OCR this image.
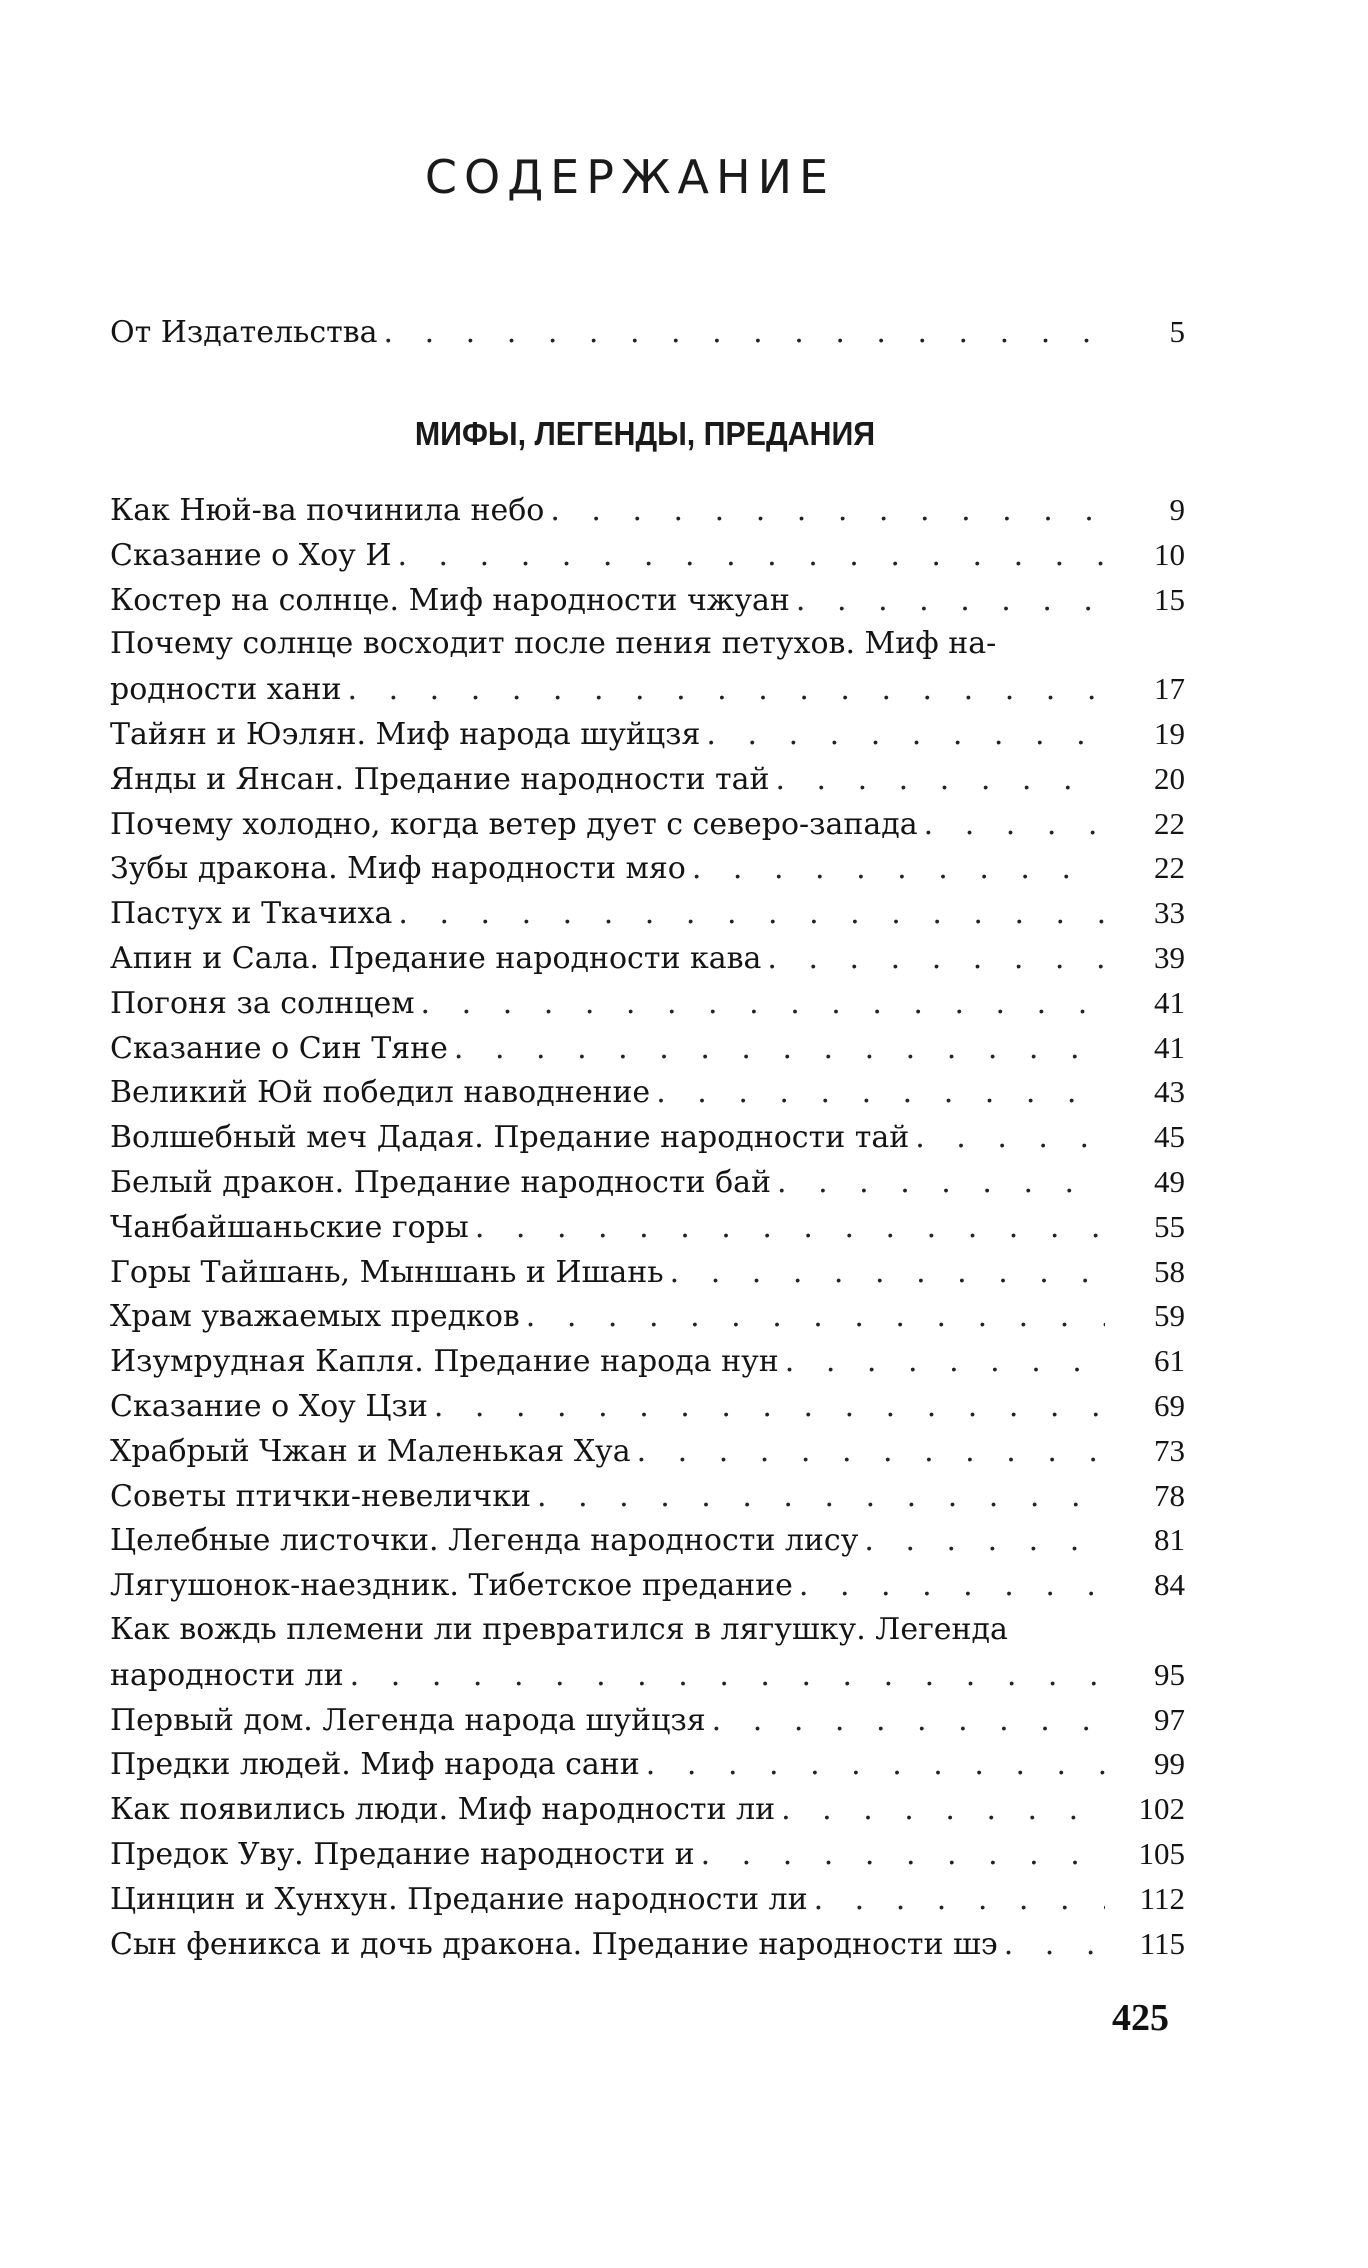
СОДЕРЖАНИЕ
От Издательства . . .	5
МИФЫ, ЛЕГЕНДЫ, ПРЕДАНИЯ
Как Нюй-ва починила небо . . .	9
Сказание о Хоу И . . .	10
Костер на солнце. Миф народности чжуан . . .	15
Почему солнце восходит после пения петухов. Миф на-
родности хани . . .	17
Тайян и Юэлян. Миф народа шуйцзя . . .	19
Янды и Янсан. Предание народности тай . . .	20
Почему холодно, когда ветер дует с северо-запада . . .	22
Зубы дракона. Миф народности мяо . . .	22
Пастух и Ткачиха . . .	33
Апин и Сала. Предание народности кава . . .	39
Погоня за солнцем . . .	41
Сказание о Син Тяне . . .	41
Великий Юй победил наводнение . . .	43
Волшебный меч Дадая. Предание народности тай . . .	45
Белый дракон. Предание народности бай . . .	49
Чанбайшаньские горы . . .	55
Горы Тайшань, Мыншань и Ишань . . .	58
Храм уважаемых предков . . .	59
Изумрудная Капля. Предание народа нун . . .	61
Сказание о Хоу Цзи . . .	69
Храбрый Чжан и Маленькая Хуа . . .	73
Советы птички-невелички . . .	78
Целебные листочки. Легенда народности лису . . .	81
Лягушонок-наездник. Тибетское предание . . .	84
Как вождь племени ли превратился в лягушку. Легенда
народности ли . . .	95
Первый дом. Легенда народа шуйцзя . . .	97
Предки людей. Миф народа сани . . .	99
Как появились люди. Миф народности ли . . .	102
Предок Уву. Предание народности и . . .	105
Цинцин и Хунхун. Предание народности ли . . .	112
Сын феникса и дочь дракона. Предание народности шэ . . .	115
425
